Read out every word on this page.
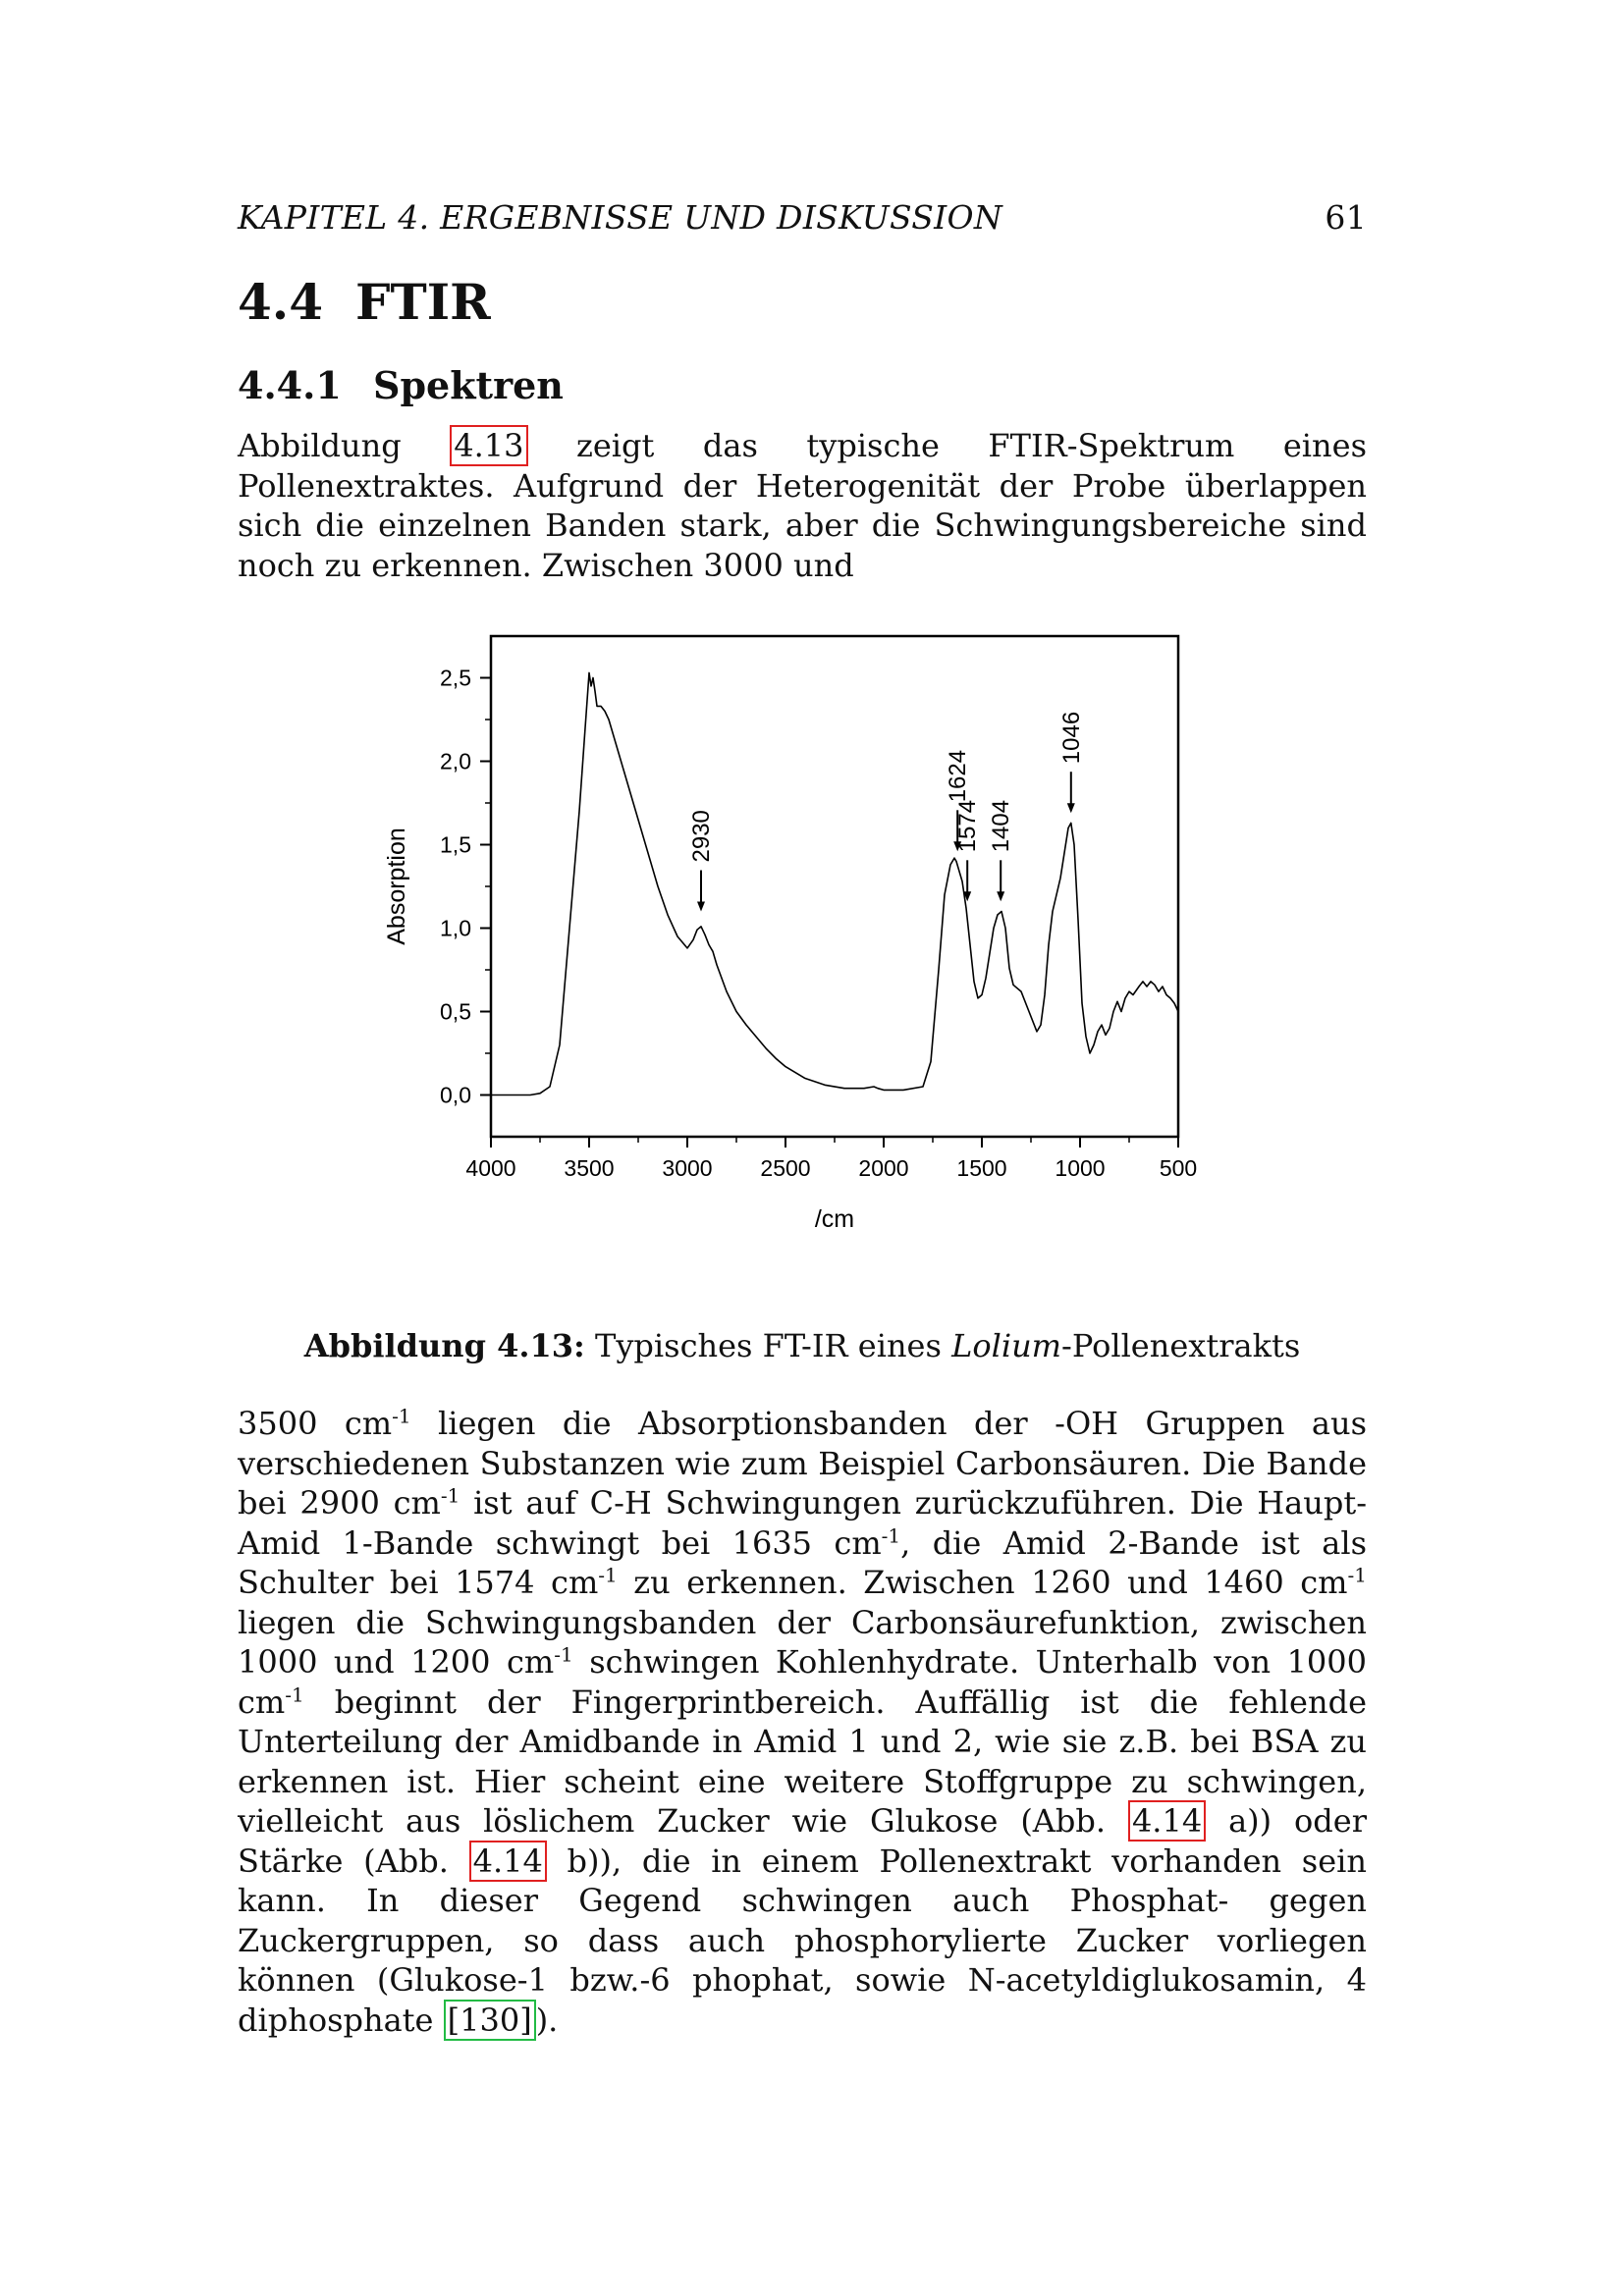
KAPITEL 4. ERGEBNISSE UND DISKUSSION	61
4.4 FTIR
4.4.1 Spektren

Abbildung 4.13 zeigt das typische FTIR-Spektrum eines Pollenextraktes. Aufgrund der Heterogenität der Probe überlappen sich die einzelnen Banden stark, aber die Schwingungsbereiche sind noch zu erkennen. Zwischen 3000 und

0,0
0,5
1,0
1,5
2,0
2,5
4000 3500 3000 2500 2000 1500 1000 500
2930
1624
1574 1404
1046
Absorption
/cm
Abbildung 4.13: Typisches FT-IR eines Lolium-Pollenextrakts

3500 $cm^{-1}$ liegen die Absorptionsbanden der -OH Gruppen aus verschiedenen Substanzen wie zum Beispiel Carbonsäuren. Die Bande bei 2900 $cm^{-1}$ ist auf C-H Schwingungen zurückzuführen. Die Haupt-Amid 1-Bande schwingt bei 1635 $cm^{-1}$, die Amid 2-Bande ist als Schulter bei 1574 $cm^{-1}$ zu erkennen. Zwischen 1260 und 1460 $cm^{-1}$ liegen die Schwingungsbanden der Carbonsäurefunktion, zwischen 1000 und 1200 $cm^{-1}$ schwingen Kohlenhydrate. Unterhalb von 1000 $cm^{-1}$ beginnt der Fingerprintbereich. Auffällig ist die fehlende Unterteilung der Amidbande in Amid 1 und 2, wie sie z.B. bei BSA zu erkennen ist. Hier scheint eine weitere Stoffgruppe zu schwingen, vielleicht aus löslichem Zucker wie Glukose (Abb. 4.14 a)) oder Stärke (Abb. 4.14 b)), die in einem Pollenextrakt vorhanden sein kann. In dieser Gegend schwingen auch Phosphat- gegen Zuckergruppen, so dass auch phosphorylierte Zucker vorliegen können (Glukose-1 bzw.-6 phophat, sowie N-acetyldiglukosamin, 4 diphosphate [130] ).
